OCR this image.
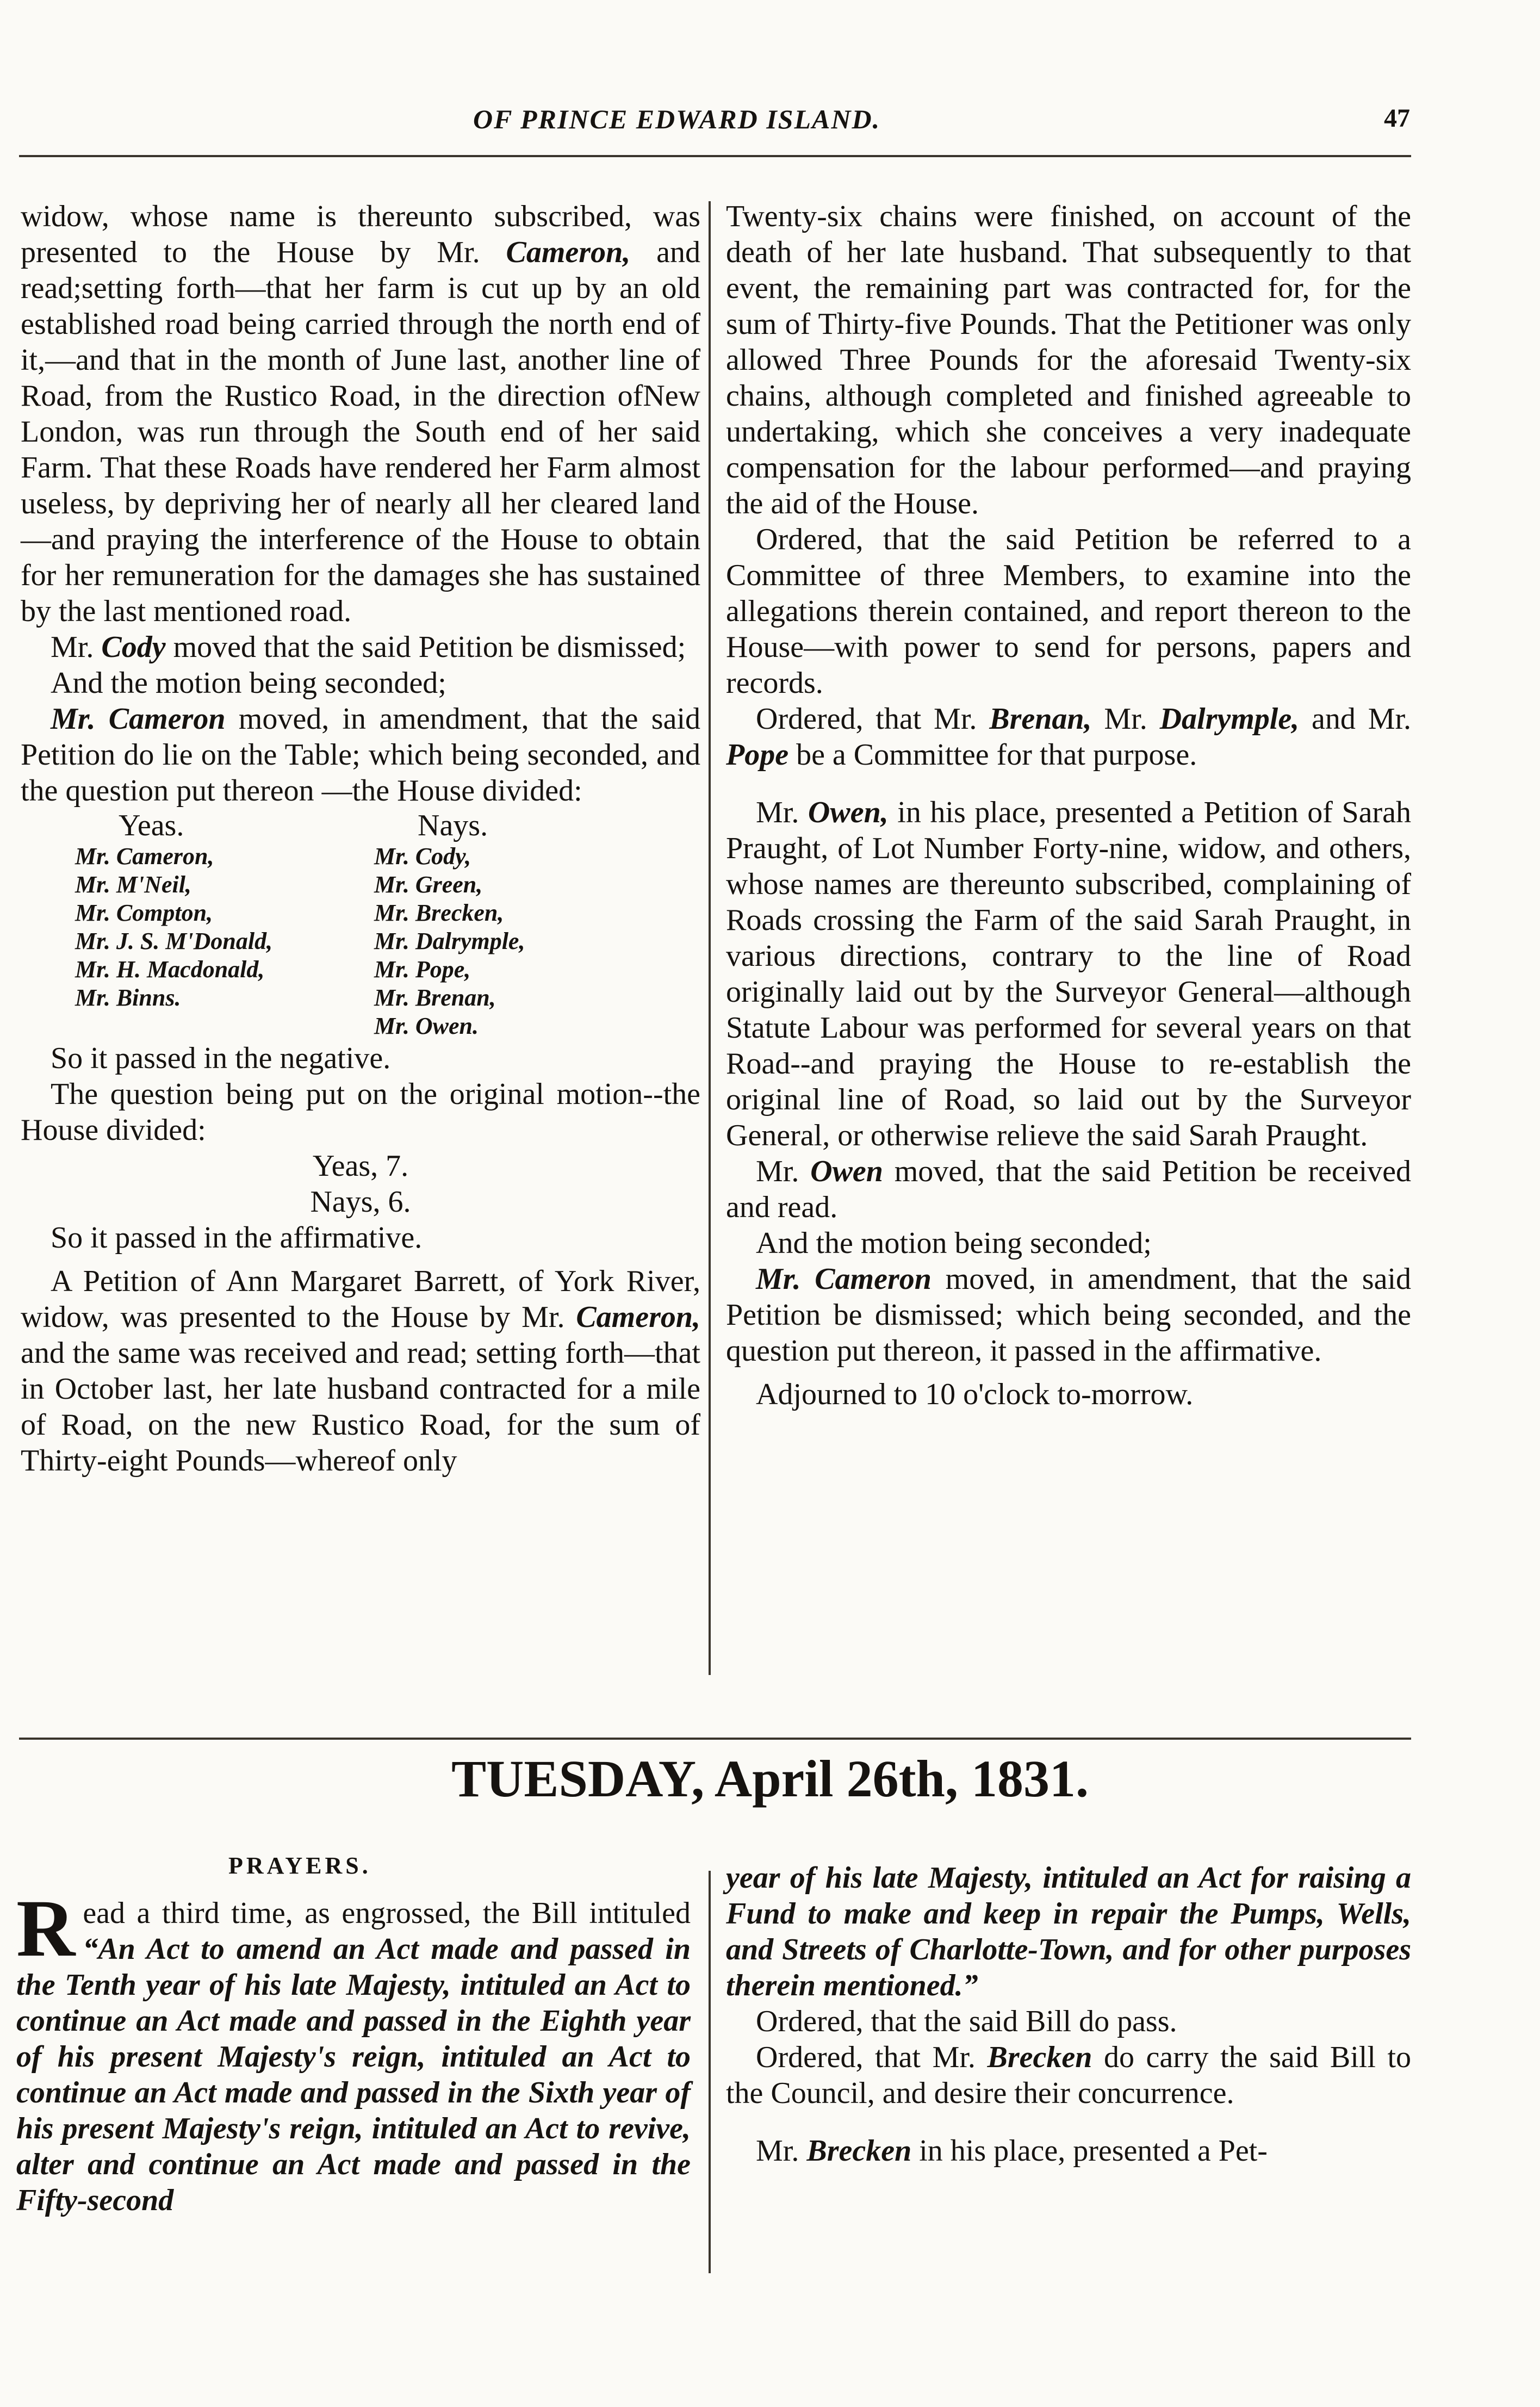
OF PRINCE EDWARD ISLAND.	47

widow, whose name is thereunto subscribed, was presented to the House by Mr. Cameron, and read;setting forth—that her farm is cut up by an old established road being carried through the north end of it,—and that in the month of June last, another line of Road, from the Rustico Road, in the direction ofNew London, was run through the South end of her said Farm. That these Roads have rendered her Farm almost useless, by depriving her of nearly all her cleared land—and praying the interference of the House to obtain for her remuneration for the damages she has sustained by the last mentioned road.

Mr. Cody moved that the said Petition be dismissed;

And the motion being seconded;

Mr. Cameron moved, in amendment, that the said Petition do lie on the Table; which being seconded, and the question put thereon —the House divided:

Yeas.
Mr. Cameron,
Mr. M'Neil,
Mr. Compton,
Mr. J. S. M'Donald,
Mr. H. Macdonald,
Mr. Binns.
Nays.
Mr. Cody,
Mr. Green,
Mr. Brecken,
Mr. Dalrymple,
Mr. Pope,
Mr. Brenan,
Mr. Owen.

So it passed in the negative.

The question being put on the original motion--the House divided:

Yeas, 7.

Nays, 6.

So it passed in the affirmative.

A Petition of Ann Margaret Barrett, of York River, widow, was presented to the House by Mr. Cameron, and the same was received and read; setting forth—that in October last, her late husband contracted for a mile of Road, on the new Rustico Road, for the sum of Thirty-eight Pounds—whereof only

Twenty-six chains were finished, on account of the death of her late husband. That subsequently to that event, the remaining part was contracted for, for the sum of Thirty-five Pounds. That the Petitioner was only allowed Three Pounds for the aforesaid Twenty-six chains, although completed and finished agreeable to undertaking, which she conceives a very inadequate compensation for the labour performed—and praying the aid of the House.

Ordered, that the said Petition be referred to a Committee of three Members, to examine into the allegations therein contained, and report thereon to the House—with power to send for persons, papers and records.

Ordered, that Mr. Brenan, Mr. Dalrymple, and Mr. Pope be a Committee for that purpose.

Mr. Owen, in his place, presented a Petition of Sarah Praught, of Lot Number Forty-nine, widow, and others, whose names are thereunto subscribed, complaining of Roads crossing the Farm of the said Sarah Praught, in various directions, contrary to the line of Road originally laid out by the Surveyor General—although Statute Labour was performed for several years on that Road--and praying the House to re-establish the original line of Road, so laid out by the Surveyor General, or otherwise relieve the said Sarah Praught.

Mr. Owen moved, that the said Petition be received and read.

And the motion being seconded;

Mr. Cameron moved, in amendment, that the said Petition be dismissed; which being seconded, and the question put thereon, it passed in the affirmative.

Adjourned to 10 o'clock to-morrow.

TUESDAY, April 26th, 1831.
PRAYERS.

R ead a third time, as engrossed, the Bill intituled “An Act to amend an Act made and passed in the Tenth year of his late Majesty, intituled an Act to continue an Act made and passed in the Eighth year of his present Majesty's reign, intituled an Act to continue an Act made and passed in the Sixth year of his present Majesty's reign, intituled an Act to revive, alter and continue an Act made and passed in the Fifty-second

year of his late Majesty, intituled an Act for raising a Fund to make and keep in repair the Pumps, Wells, and Streets of Charlotte-Town, and for other purposes therein mentioned.”

Ordered, that the said Bill do pass.

Ordered, that Mr. Brecken do carry the said Bill to the Council, and desire their concurrence.

Mr. Brecken in his place, presented a Pet-
